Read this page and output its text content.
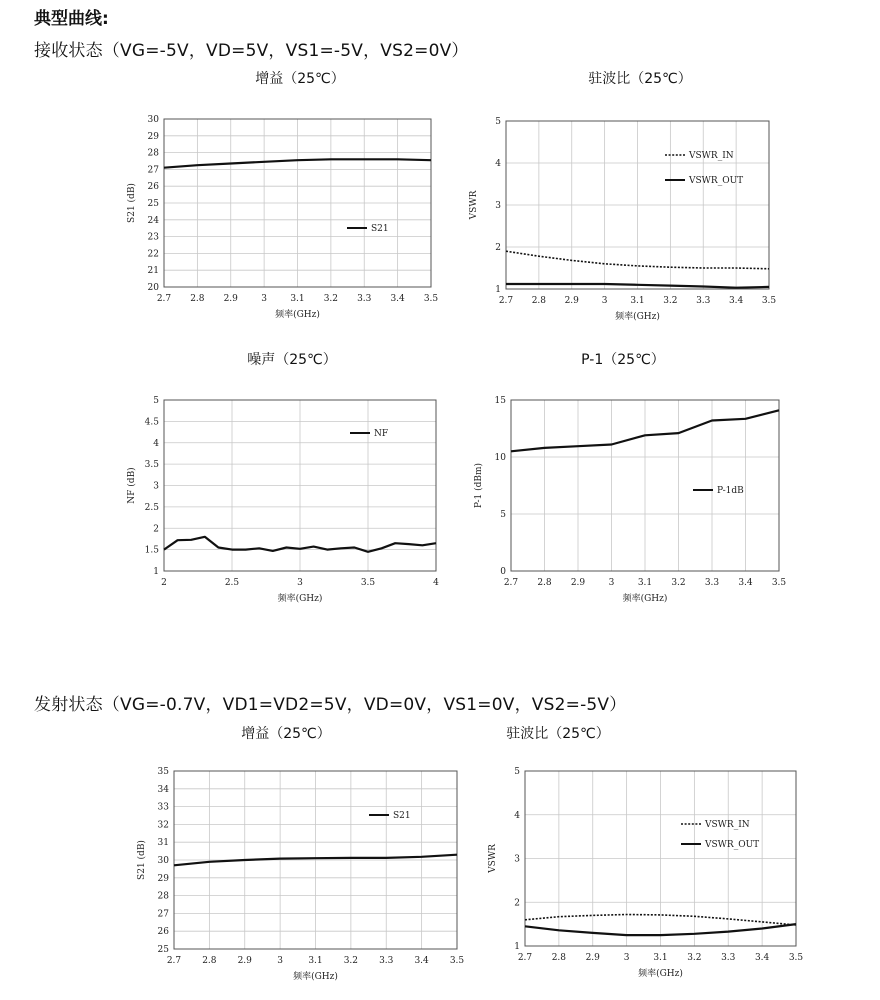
典型曲线:
接收状态（VG=-5V，VD=5V，VS1=-5V，VS2=0V）
增益（25℃）
20
21
22
23
24
25
26
27
28
29
30
2.7 2.8 2.9	3	3.1 3.2 3.3 3.4 3.5
频率(GHz)
S21 (dB)
S21
驻波比（25℃）
1
2
3
4
5
2.7 2.8 2.9	3	3.1 3.2 3.3 3.4 3.5
频率(GHz)
VSWR
VSWR_IN
VSWR_OUT
噪声（25℃）
1
1.5
2
2.5
3
3.5
4
4.5
5
2	2.5	3	3.5	4
频率(GHz)
NF (dB)
NF
P-1（25℃）
0
5
10
15
2.7 2.8 2.9	3	3.1 3.2 3.3 3.4 3.5
频率(GHz)
P-1 (dBm)	P-1dB
发射状态（VG=-0.7V，VD1=VD2=5V，VD=0V，VS1=0V，VS2=-5V）
增益（25℃）
25
26
27
28
29
30
31
32
33
34
35
2.7 2.8 2.9	3	3.1 3.2 3.3 3.4 3.5
频率(GHz)
S21 (dB)
S21
驻波比（25℃）
1
2
3
4
5
2.7 2.8 2.9	3	3.1 3.2 3.3 3.4 3.5
频率(GHz)
VSWR
VSWR_IN
VSWR_OUT
